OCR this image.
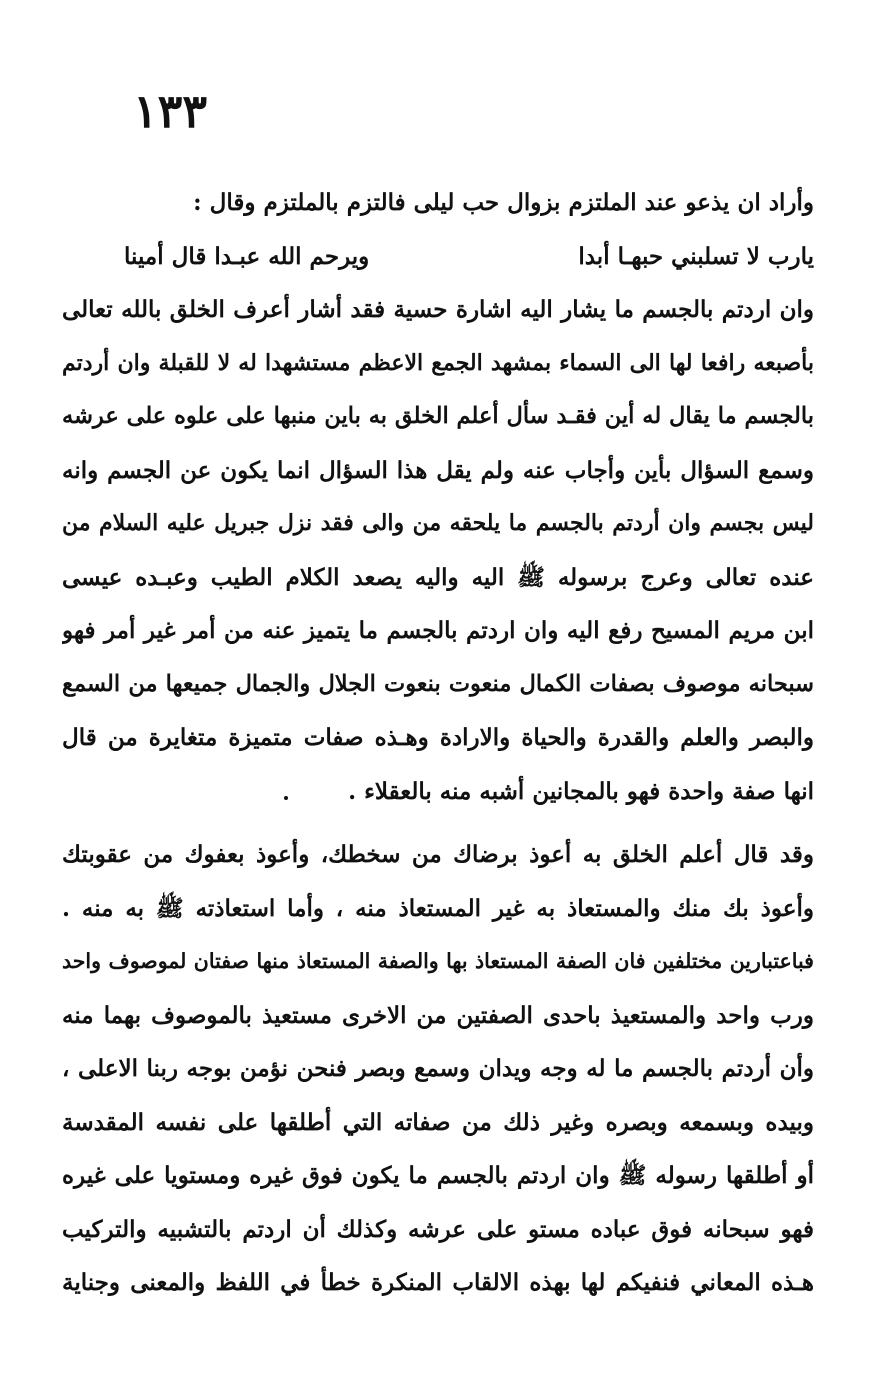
١٣٣
وأراد ان يذعو عند الملتزم بزوال حب ليلى فالتزم بالملتزم وقال :
يارب لا تسلبني حبهـا أبدا
ويرحم الله عبـدا قال أمينا
وان اردتم بالجسم ما يشار اليه اشارة حسية فقد أشار أعرف الخلق بالله تعالى
بأصبعه رافعا لها الى السماء بمشهد الجمع الاعظم مستشهدا له لا للقبلة وان أردتم
بالجسم ما يقال له أين فقـد سأل أعلم الخلق به باين منبها على علوه على عرشه
وسمع السؤال بأين وأجاب عنه ولم يقل هذا السؤال انما يكون عن الجسم وانه
ليس بجسم وان أردتم بالجسم ما يلحقه من والى فقد نزل جبريل عليه السلام من
عنده تعالى وعرج برسوله ﷺ اليه واليه يصعد الكلام الطيب وعبـده عيسى
ابن مريم المسيح رفع اليه وان اردتم بالجسم ما يتميز عنه من أمر غير أمر فهو
سبحانه موصوف بصفات الكمال منعوت بنعوت الجلال والجمال جميعها من السمع
والبصر والعلم والقدرة والحياة والارادة وهـذه صفات متميزة متغايرة من قال
انها صفة واحدة فهو بالمجانين أشبه منه بالعقلاء .
وقد قال أعلم الخلق به أعوذ برضاك من سخطك، وأعوذ بعفوك من عقوبتك
وأعوذ بك منك والمستعاذ به غير المستعاذ منه ، وأما استعاذته ﷺ به منه .
فباعتبارين مختلفين فان الصفة المستعاذ بها والصفة المستعاذ منها صفتان لموصوف واحد
ورب واحد والمستعيذ باحدى الصفتين من الاخرى مستعيذ بالموصوف بهما منه
وأن أردتم بالجسم ما له وجه ويدان وسمع وبصر فنحن نؤمن بوجه ربنا الاعلى ،
وبيده وبسمعه وبصره وغير ذلك من صفاته التي أطلقها على نفسه المقدسة
أو أطلقها رسوله ﷺ وان اردتم بالجسم ما يكون فوق غيره ومستويا على غيره
فهو سبحانه فوق عباده مستو على عرشه وكذلك أن اردتم بالتشبيه والتركيب
هـذه المعاني فنفيكم لها بهذه الالقاب المنكرة خطأ في اللفظ والمعنى وجناية
